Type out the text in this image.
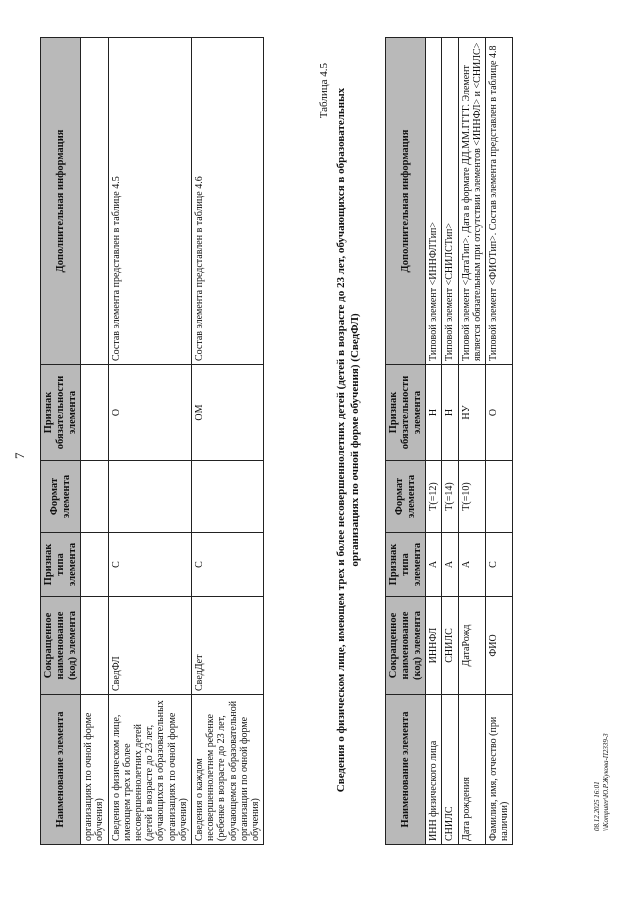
7
Наименование элемента	Сокращенное наименование (код) элемента	Признак типа элемента	Формат элемента	Признак обязательности элемента	Дополнительная информация
организациях по очной форме обучения)					
Сведения о физическом лице, имеющем трех и более несовершеннолетних детей (детей в возрасте до 23 лет, обучающихся в образовательных организациях по очной форме обучения)	СведФЛ	С		О	Состав элемента представлен в таблице 4.5
Сведения о каждом несовершеннолетнем ребенке (ребенке в возрасте до 23 лет, обучающемся в образовательной организации по очной форме обучения)	СведДет	С		ОМ	Состав элемента представлен в таблице 4.6
Таблица 4.5 Сведения о физическом лице, имеющем трех и более несовершеннолетних детей (детей в возрасте до 23 лет, обучающихся в образовательных организациях по очной форме обучения) (СведФЛ)
Наименование элемента	Сокращенное наименование (код) элемента	Признак типа элемента	Формат элемента	Признак обязательности элемента	Дополнительная информация
ИНН физического лица	ИННФЛ	А	T(=12)	Н	Типовой элемент <ИННФЛТип>
СНИЛС	СНИЛС	А	T(=14)	Н	Типовой элемент <СНИЛСТип>
Дата рождения	ДатаРожд	А	T(=10)	НУ	Типовой элемент <ДатаТип>. Дата в формате ДД.ММ.ГГГГ. Элемент является обязательным при отсутствии элементов <ИННФЛ> и <СНИЛС>
Фамилия, имя, отчество (при наличии)	ФИО	С		О	Типовой элемент <ФИОТип>. Состав элемента представлен в таблице 4.8
08.12.2025 16:01 \\Komputer\Ю.Р.Жукова-П2339-3
